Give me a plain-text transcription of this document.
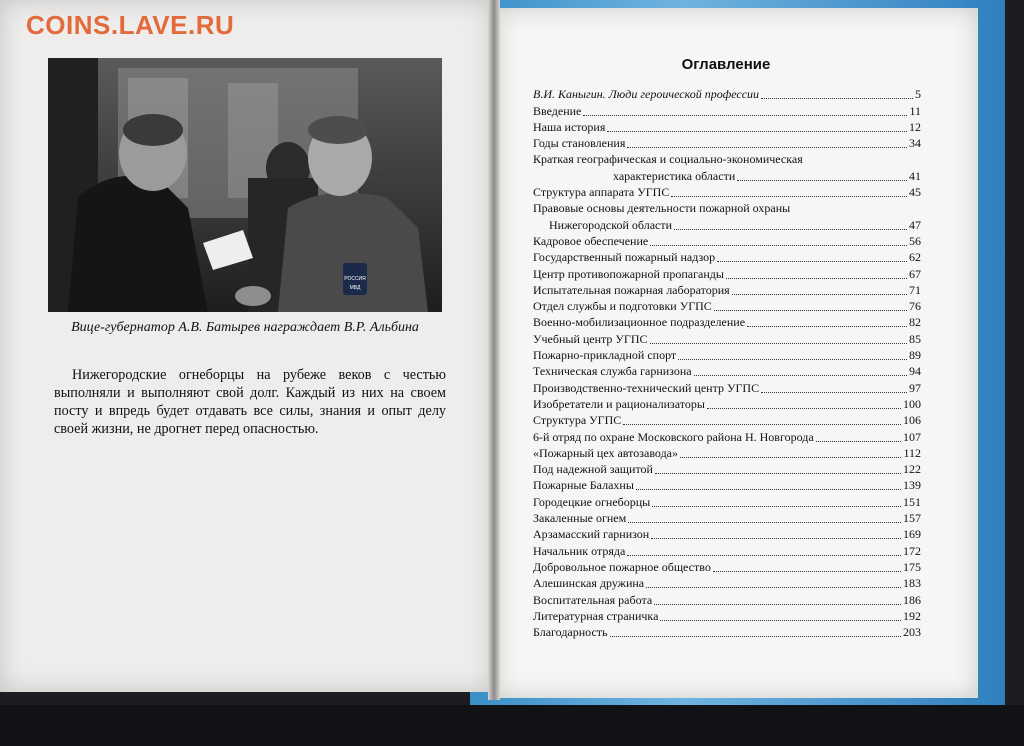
COINS.LAVE.RU
РОССИЯ
МВД
Вице-губернатор А.В. Батырев награждает В.Р. Альбина
Нижегородские огнеборцы на рубеже веков с честью выполняли и выполняют свой долг. Каждый из них на своем посту и впредь будет отдавать все силы, знания и опыт делу своей жизни, не дрогнет перед опасностью.
Оглавление
В.И. Каныгин. Люди героической профессии	5
Введение	11
Наша история	12
Годы становления	34
Краткая географическая и социально-экономическая
характеристика области	41
Структура аппарата УГПС	45
Правовые основы деятельности пожарной охраны
Нижегородской области	47
Кадровое обеспечение	56
Государственный пожарный надзор	62
Центр противопожарной пропаганды	67
Испытательная пожарная лаборатория	71
Отдел службы и подготовки УГПС	76
Военно-мобилизационное подразделение	82
Учебный центр УГПС	85
Пожарно-прикладной спорт	89
Техническая служба гарнизона	94
Производственно-технический центр УГПС	97
Изобретатели и рационализаторы	100
Структура УГПС	106
6-й отряд по охране Московского района Н. Новгорода	107
«Пожарный цех автозавода»	112
Под надежной защитой	122
Пожарные Балахны	139
Городецкие огнеборцы	151
Закаленные огнем	157
Арзамасский гарнизон	169
Начальник отряда	172
Добровольное пожарное общество	175
Алешинская дружина	183
Воспитательная работа	186
Литературная страничка	192
Благодарность	203
